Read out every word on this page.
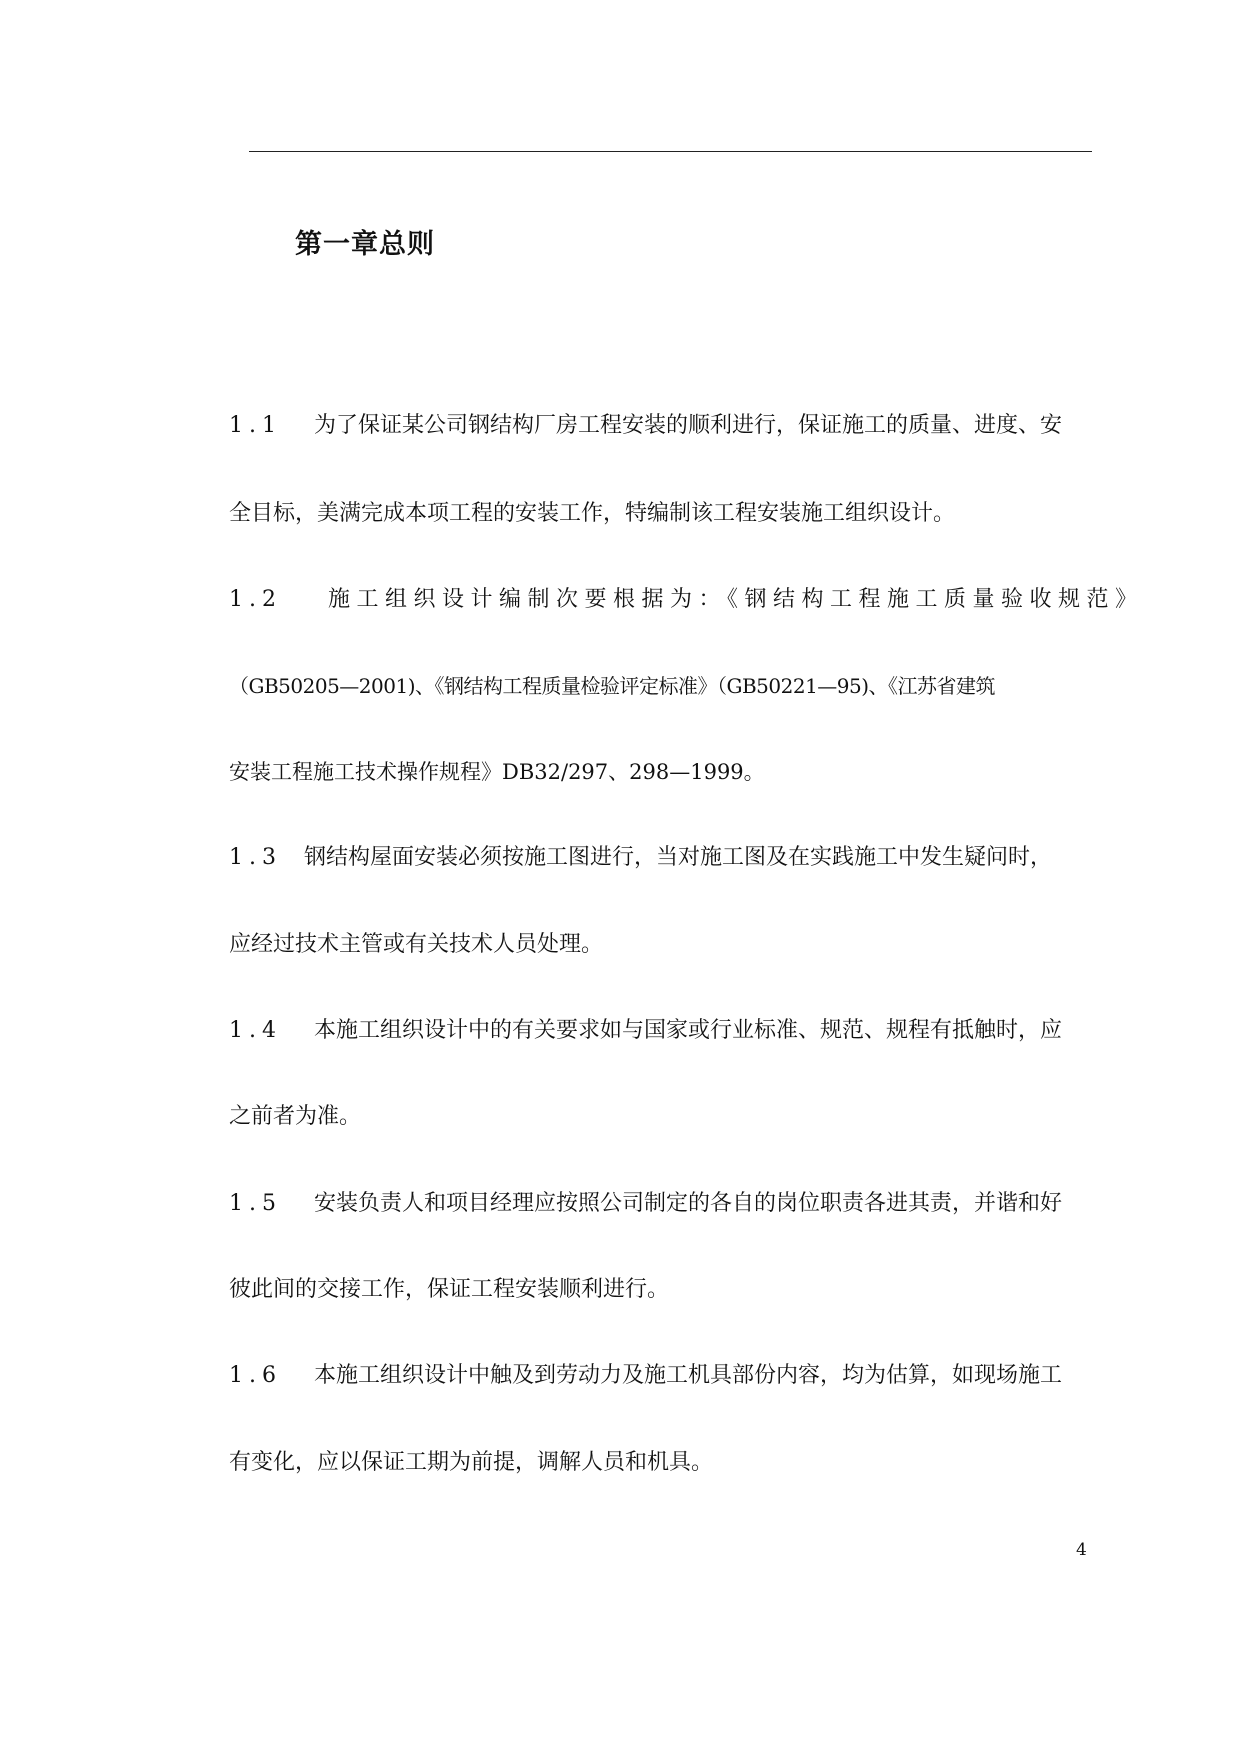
第一章总则
1.1 为了保证某公司钢结构厂房工程安装的顺利进行，保证施工的质量、进度、安
全目标，美满完成本项工程的安装工作，特编制该工程安装施工组织设计。
1.2 施工组织设计编制次要根据为：《钢结构工程施工质量验收规范》
（GB50205—2001)、《钢结构工程质量检验评定标准》（GB50221—95)、《江苏省建筑
安装工程施工技术操作规程》DB32/297、298—1999。
1.3 钢结构屋面安装必须按施工图进行，当对施工图及在实践施工中发生疑问时，
应经过技术主管或有关技术人员处理。
1.4 本施工组织设计中的有关要求如与国家或行业标准、规范、规程有抵触时，应
之前者为准。
1.5 安装负责人和项目经理应按照公司制定的各自的岗位职责各进其责，并谐和好
彼此间的交接工作，保证工程安装顺利进行。
1.6 本施工组织设计中触及到劳动力及施工机具部份内容，均为估算，如现场施工
有变化，应以保证工期为前提，调解人员和机具。
4
